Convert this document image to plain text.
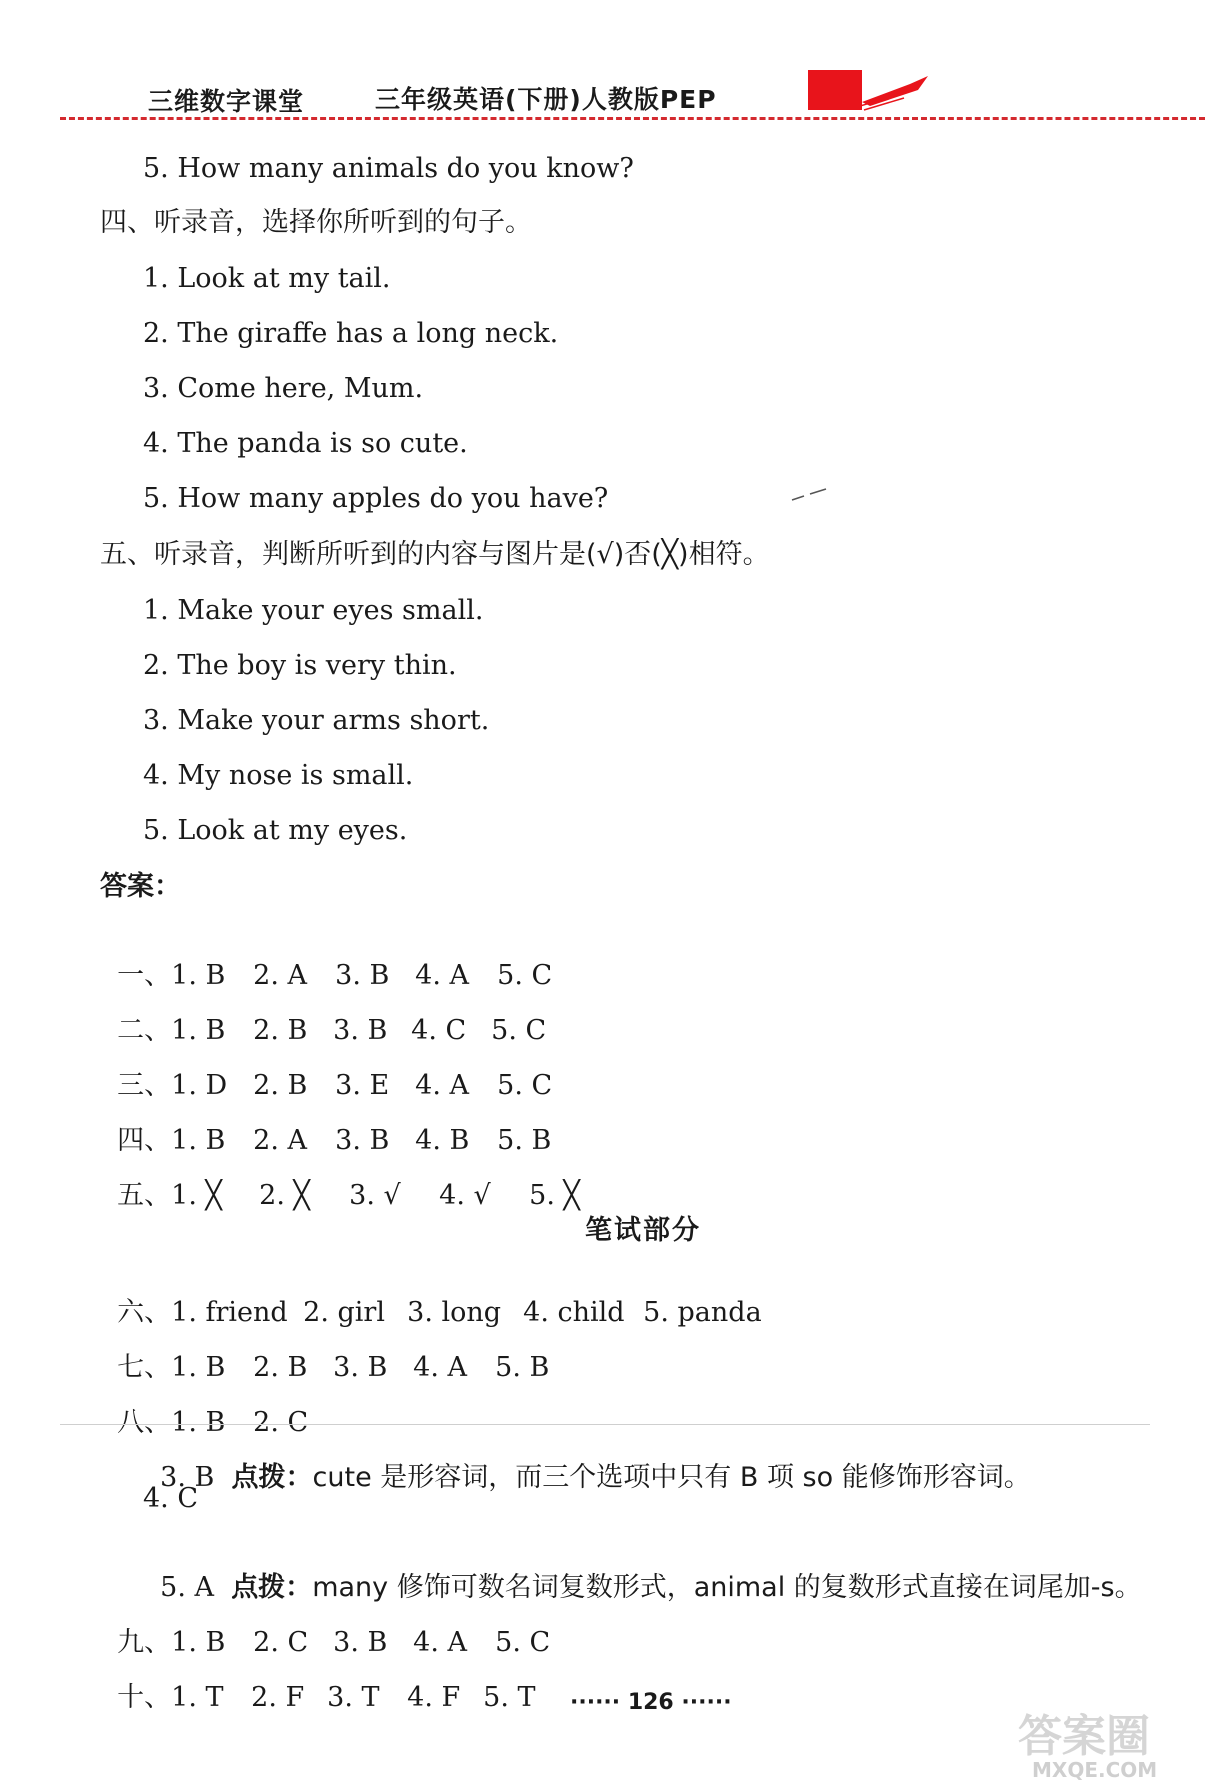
三维数字课堂	三年级英语(下册)人教版PEP
5. How many animals do you know?
四、听录音，选择你所听到的句子。
1. Look at my tail.
2. The giraffe has a long neck.
3. Come here, Mum.
4. The panda is so cute.
5. How many apples do you have?
五、听录音，判断所听到的内容与图片是(√)否(╳)相符。
1. Make your eyes small.
2. The boy is very thin.
3. Make your arms short.
4. My nose is small.
5. Look at my eyes.
答案：

一、1. B 2. A 3. B 4. A 5. C

二、1. B 2. B 3. B 4. C 5. C

三、1. D 2. B 3. E 4. A 5. C

四、1. B 2. A 3. B 4. B 5. B

五、1. ╳ 2. ╳ 3. √ 4. √ 5. ╳

笔试部分

六、1. friend 2. girl 3. long 4. child 5. panda

七、1. B 2. B 3. B 4. A 5. B

八、1. B 2. C

3. B 点拨：cute 是形容词，而三个选项中只有 B 项 so 能修饰形容词。

4. C

5. A 点拨：many 修饰可数名词复数形式，animal 的复数形式直接在词尾加-s。

九、1. B 2. C 3. B 4. A 5. C

十、1. T 2. F 3. T 4. F 5. T ······ 126 ······
答案圈
MXQE.COM
